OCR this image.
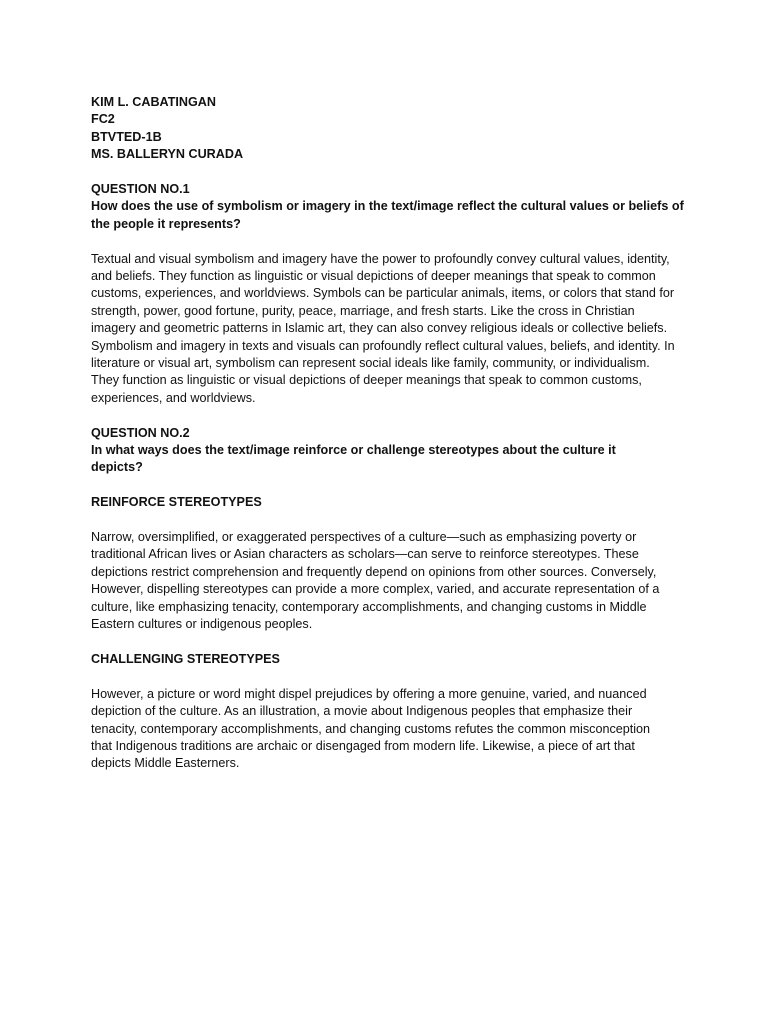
KIM L. CABATINGAN
FC2
BTVTED-1B
MS. BALLERYN CURADA
QUESTION NO.1
How does the use of symbolism or imagery in the text/image reflect the cultural values or beliefs of
the people it represents?
Textual and visual symbolism and imagery have the power to profoundly convey cultural values, identity,
and beliefs. They function as linguistic or visual depictions of deeper meanings that speak to common
customs, experiences, and worldviews. Symbols can be particular animals, items, or colors that stand for
strength, power, good fortune, purity, peace, marriage, and fresh starts. Like the cross in Christian
imagery and geometric patterns in Islamic art, they can also convey religious ideals or collective beliefs.
Symbolism and imagery in texts and visuals can profoundly reflect cultural values, beliefs, and identity. In
literature or visual art, symbolism can represent social ideals like family, community, or individualism.
They function as linguistic or visual depictions of deeper meanings that speak to common customs,
experiences, and worldviews.
QUESTION NO.2
In what ways does the text/image reinforce or challenge stereotypes about the culture it
depicts?
REINFORCE STEREOTYPES
Narrow, oversimplified, or exaggerated perspectives of a culture—such as emphasizing poverty or
traditional African lives or Asian characters as scholars—can serve to reinforce stereotypes. These
depictions restrict comprehension and frequently depend on opinions from other sources. Conversely,
However, dispelling stereotypes can provide a more complex, varied, and accurate representation of a
culture, like emphasizing tenacity, contemporary accomplishments, and changing customs in Middle
Eastern cultures or indigenous peoples.
CHALLENGING STEREOTYPES
However, a picture or word might dispel prejudices by offering a more genuine, varied, and nuanced
depiction of the culture. As an illustration, a movie about Indigenous peoples that emphasize their
tenacity, contemporary accomplishments, and changing customs refutes the common misconception
that Indigenous traditions are archaic or disengaged from modern life. Likewise, a piece of art that
depicts Middle Easterners.
